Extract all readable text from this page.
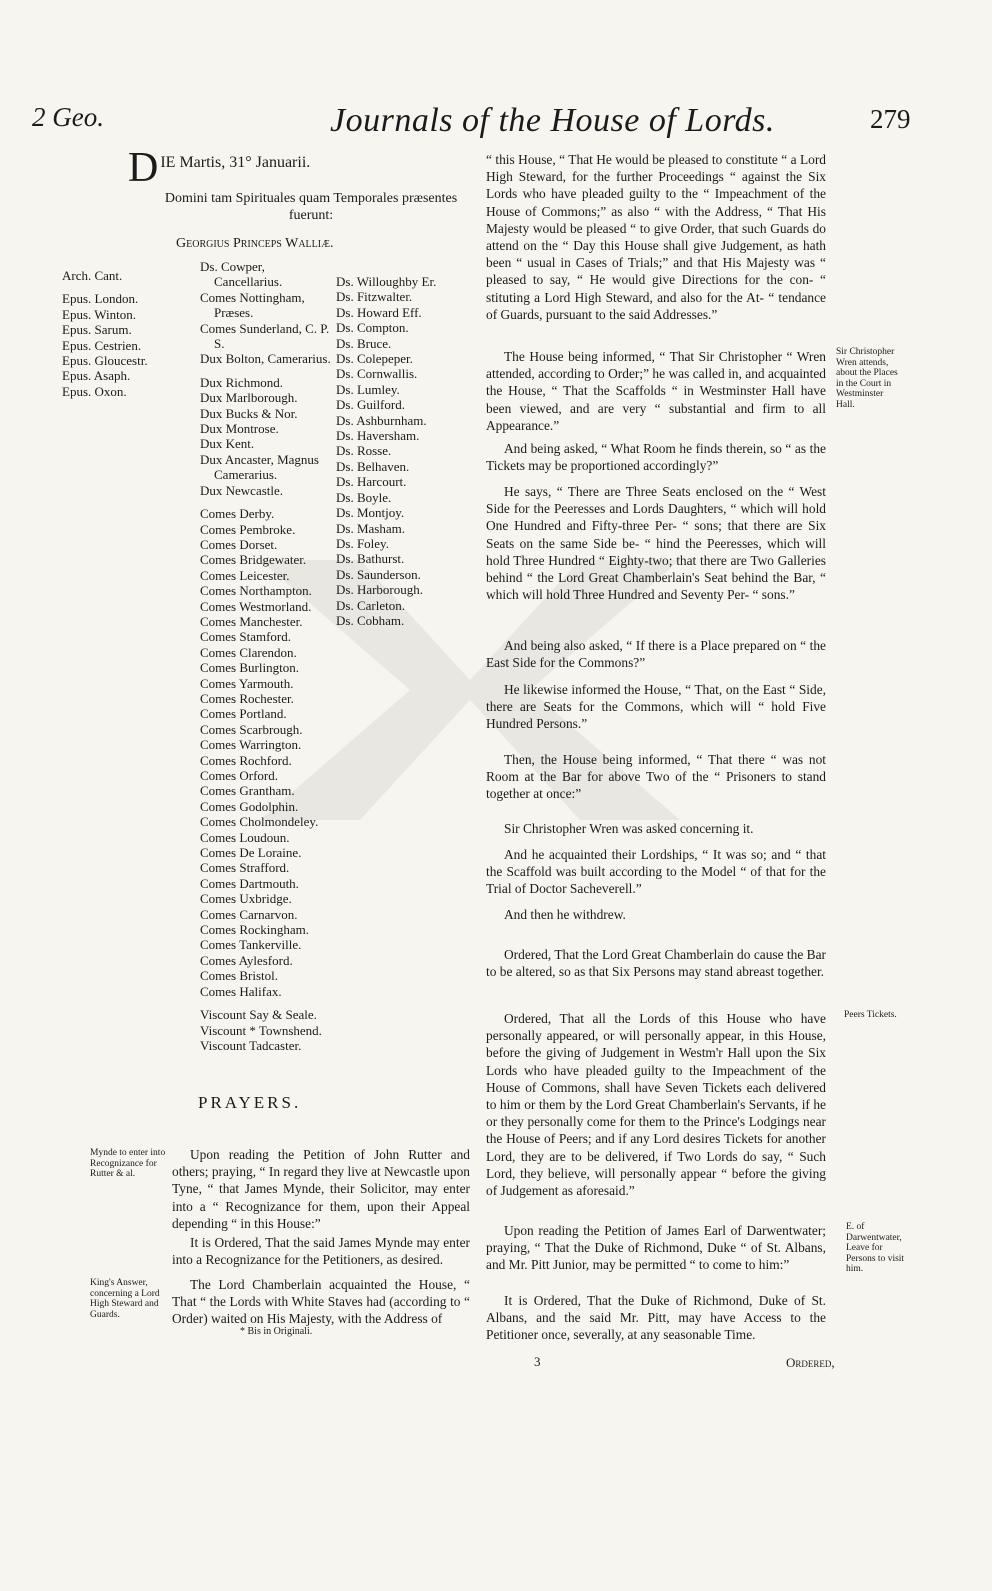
2 Geo.	Journals of the House of Lords.	279
DIE Martis, 31° Januarii.
Domini tam Spirituales quam Temporales præsentes fuerunt:
Georgius Princeps Walliæ.
Arch. Cant.
Epus. London.
Epus. Winton.
Epus. Sarum.
Epus. Cestrien.
Epus. Gloucestr.
Epus. Asaph.
Epus. Oxon.
Ds. Cowper, Cancellarius.
Comes Nottingham, Præses.
Comes Sunderland, C. P. S.
Dux Bolton, Camerarius.
Dux Richmond.
Dux Marlborough.
Dux Bucks & Nor.
Dux Montrose.
Dux Kent.
Dux Ancaster, Magnus Camerarius.
Dux Newcastle.
Comes Derby.
Comes Pembroke.
Comes Dorset.
Comes Bridgewater.
Comes Leicester.
Comes Northampton.
Comes Westmorland.
Comes Manchester.
Comes Stamford.
Comes Clarendon.
Comes Burlington.
Comes Yarmouth.
Comes Rochester.
Comes Portland.
Comes Scarbrough.
Comes Warrington.
Comes Rochford.
Comes Orford.
Comes Grantham.
Comes Godolphin.
Comes Cholmondeley.
Comes Loudoun.
Comes De Loraine.
Comes Strafford.
Comes Dartmouth.
Comes Uxbridge.
Comes Carnarvon.
Comes Rockingham.
Comes Tankerville.
Comes Aylesford.
Comes Bristol.
Comes Halifax.
Viscount Say & Seale.
Viscount * Townshend.
Viscount Tadcaster.
Ds. Willoughby Er.
Ds. Fitzwalter.
Ds. Howard Eff.
Ds. Compton.
Ds. Bruce.
Ds. Colepeper.
Ds. Cornwallis.
Ds. Lumley.
Ds. Guilford.
Ds. Ashburnham.
Ds. Haversham.
Ds. Rosse.
Ds. Belhaven.
Ds. Harcourt.
Ds. Boyle.
Ds. Montjoy.
Ds. Masham.
Ds. Foley.
Ds. Bathurst.
Ds. Saunderson.
Ds. Harborough.
Ds. Carleton.
Ds. Cobham.
PRAYERS.
Mynde to enter into Recognizance for Rutter & al.
Upon reading the Petition of John Rutter and others; praying, “ In regard they live at Newcastle upon Tyne, “ that James Mynde, their Solicitor, may enter into a “ Recognizance for them, upon their Appeal depending “ in this House:”
It is Ordered, That the said James Mynde may enter into a Recognizance for the Petitioners, as desired.
King's Answer, concerning a Lord High Steward and Guards.
The Lord Chamberlain acquainted the House, “ That “ the Lords with White Staves had (according to “ Order) waited on His Majesty, with the Address of
* Bis in Originali.
“ this House, “ That He would be pleased to constitute “ a Lord High Steward, for the further Proceedings “ against the Six Lords who have pleaded guilty to the “ Impeachment of the House of Commons;” as also “ with the Address, “ That His Majesty would be pleased “ to give Order, that such Guards do attend on the “ Day this House shall give Judgement, as hath been “ usual in Cases of Trials;” and that His Majesty was “ pleased to say, “ He would give Directions for the con- “ stituting a Lord High Steward, and also for the At- “ tendance of Guards, pursuant to the said Addresses.”
Sir Christopher Wren attends, about the Places in the Court in Westminster Hall.
The House being informed, “ That Sir Christopher “ Wren attended, according to Order;” he was called in, and acquainted the House, “ That the Scaffolds “ in Westminster Hall have been viewed, and are very “ substantial and firm to all Appearance.”
And being asked, “ What Room he finds therein, so “ as the Tickets may be proportioned accordingly?”
He says, “ There are Three Seats enclosed on the “ West Side for the Peeresses and Lords Daughters, “ which will hold One Hundred and Fifty-three Per- “ sons; that there are Six Seats on the same Side be- “ hind the Peeresses, which will hold Three Hundred “ Eighty-two; that there are Two Galleries behind “ the Lord Great Chamberlain's Seat behind the Bar, “ which will hold Three Hundred and Seventy Per- “ sons.”
And being also asked, “ If there is a Place prepared on “ the East Side for the Commons?”
He likewise informed the House, “ That, on the East “ Side, there are Seats for the Commons, which will “ hold Five Hundred Persons.”
Then, the House being informed, “ That there “ was not Room at the Bar for above Two of the “ Prisoners to stand together at once:”
Sir Christopher Wren was asked concerning it.
And he acquainted their Lordships, “ It was so; and “ that the Scaffold was built according to the Model “ of that for the Trial of Doctor Sacheverell.”
And then he withdrew.
Ordered, That the Lord Great Chamberlain do cause the Bar to be altered, so as that Six Persons may stand abreast together.
Peers Tickets.
Ordered, That all the Lords of this House who have personally appeared, or will personally appear, in this House, before the giving of Judgement in Westm'r Hall upon the Six Lords who have pleaded guilty to the Impeachment of the House of Commons, shall have Seven Tickets each delivered to him or them by the Lord Great Chamberlain's Servants, if he or they personally come for them to the Prince's Lodgings near the House of Peers; and if any Lord desires Tickets for another Lord, they are to be delivered, if Two Lords do say, “ Such Lord, they believe, will personally appear “ before the giving of Judgement as aforesaid.”
E. of Darwentwater, Leave for Persons to visit him.
Upon reading the Petition of James Earl of Darwentwater; praying, “ That the Duke of Richmond, Duke “ of St. Albans, and Mr. Pitt Junior, may be permitted “ to come to him:”
It is Ordered, That the Duke of Richmond, Duke of St. Albans, and the said Mr. Pitt, may have Access to the Petitioner once, severally, at any seasonable Time.
3	Ordered,
